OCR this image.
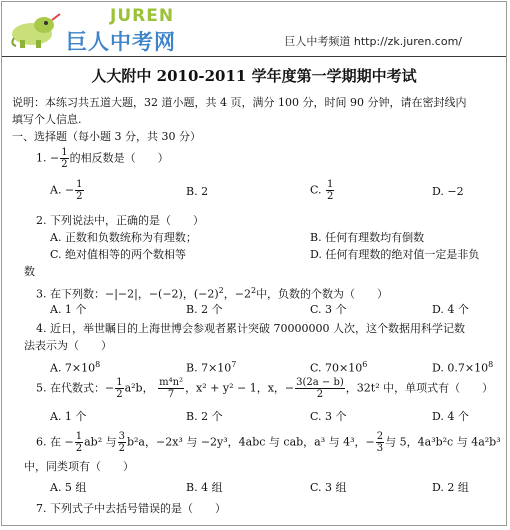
JUREN
巨人中考网	巨人中考频道 http://zk.juren.com/
人大附中 2010-2011 学年度第一学期期中考试
说明：本练习共五道大题，32 道小题，共 4 页，满分 100 分，时间 90 分钟，请在密封线内
填写个人信息.
一、选择题（每小题 3 分，共 30 分）
1. − $\frac{1}{2}$ 的相反数是（　　）
A. − $\frac{1}{2}$	B. 2	C. $\frac{1}{2}$	D. −2
2. 下列说法中，正确的是（　　）
A. 正数和负数统称为有理数；	B. 任何有理数均有倒数
C. 绝对值相等的两个数相等	D. 任何有理数的绝对值一定是非负
数
3. 在下列数：−|−2|，−(−2)，$(-2)^2$，$-2^2$中，负数的个数为（　　）
A. 1 个	B. 2 个	C. 3 个	D. 4 个
4. 近日，举世瞩目的上海世博会参观者累计突破 70000000 人次，这个数据用科学记数
法表示为（　　）
A. $7\times 10^8$	B. $7\times 10^7$	C. $70\times 10^6$	D. $0.7\times 10^8$
5. 在代数式：− $\frac{1}{2} a^2b$， $\frac{\text{m⁴n²}}{7}$ ，x² + y² − 1，x，− $\frac{3(2a - b)}{2}$ ，32t² 中，单项式有（　　）
A. 1 个	B. 2 个	C. 3 个	D. 4 个
6. 在 − $\frac{1}{2} ab^2$ 与 $\frac{3}{2} b^2a$，−2x³ 与 −2y³，4abc 与 cab，a³ 与 4³，− $\frac{2}{3}$ 与 5，4a³b²c 与 4a²b³
中，同类项有（　　）
A. 5 组	B. 4 组	C. 3 组	D. 2 组
7. 下列式子中去括号错误的是（　　）
